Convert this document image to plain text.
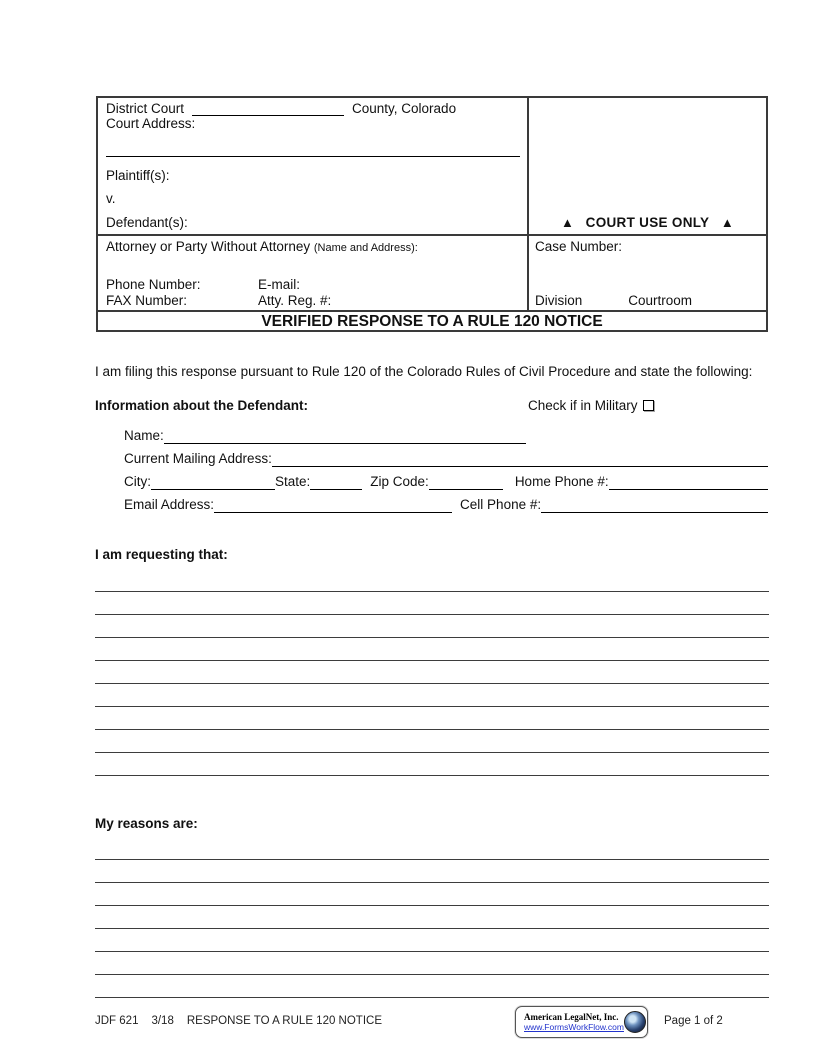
District Court	County, Colorado
Court Address:
Plaintiff(s):
v.
Defendant(s):	▲ COURT USE ONLY ▲
Attorney or Party Without Attorney (Name and Address):
Phone Number:	E-mail:
FAX Number:	Atty. Reg. #:
Case Number:
Division	Courtroom
VERIFIED RESPONSE TO A RULE 120 NOTICE
I am filing this response pursuant to Rule 120 of the Colorado Rules of Civil Procedure and state the following:
Information about the Defendant:	Check if in Military
Name:
Current Mailing Address:
City:	State:	Zip Code:	Home Phone #:
Email Address:	Cell Phone #:
I am requesting that:
My reasons are:
JDF 621 3/18 RESPONSE TO A RULE 120 NOTICE	American LegalNet, Inc.
www.FormsWorkFlow.com	Page 1 of 2
